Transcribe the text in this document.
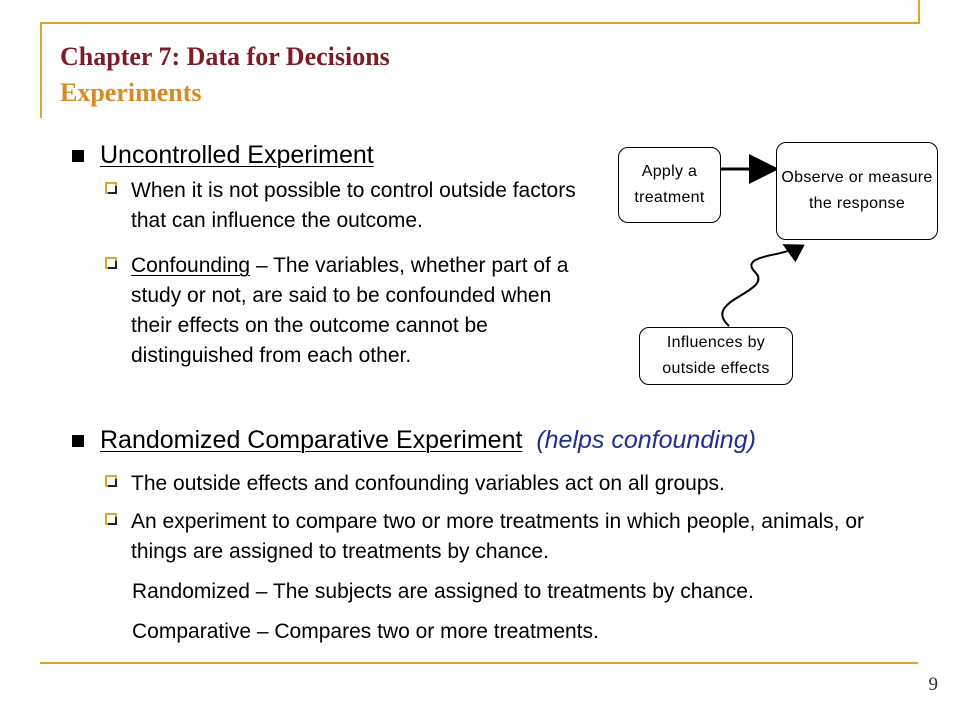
Chapter 7: Data for Decisions
Experiments
Uncontrolled Experiment
When it is not possible to control outside factors that can influence the outcome.
Confounding – The variables, whether part of a study or not, are said to be confounded when their effects on the outcome cannot be distinguished from each other.
Randomized Comparative Experiment (helps confounding)
The outside effects and confounding variables act on all groups.
An experiment to compare two or more treatments in which people, animals, or things are assigned to treatments by chance.
Randomized – The subjects are assigned to treatments by chance.
Comparative – Compares two or more treatments.
Apply a treatment
Observe or measure the response
Influences by outside effects
9
